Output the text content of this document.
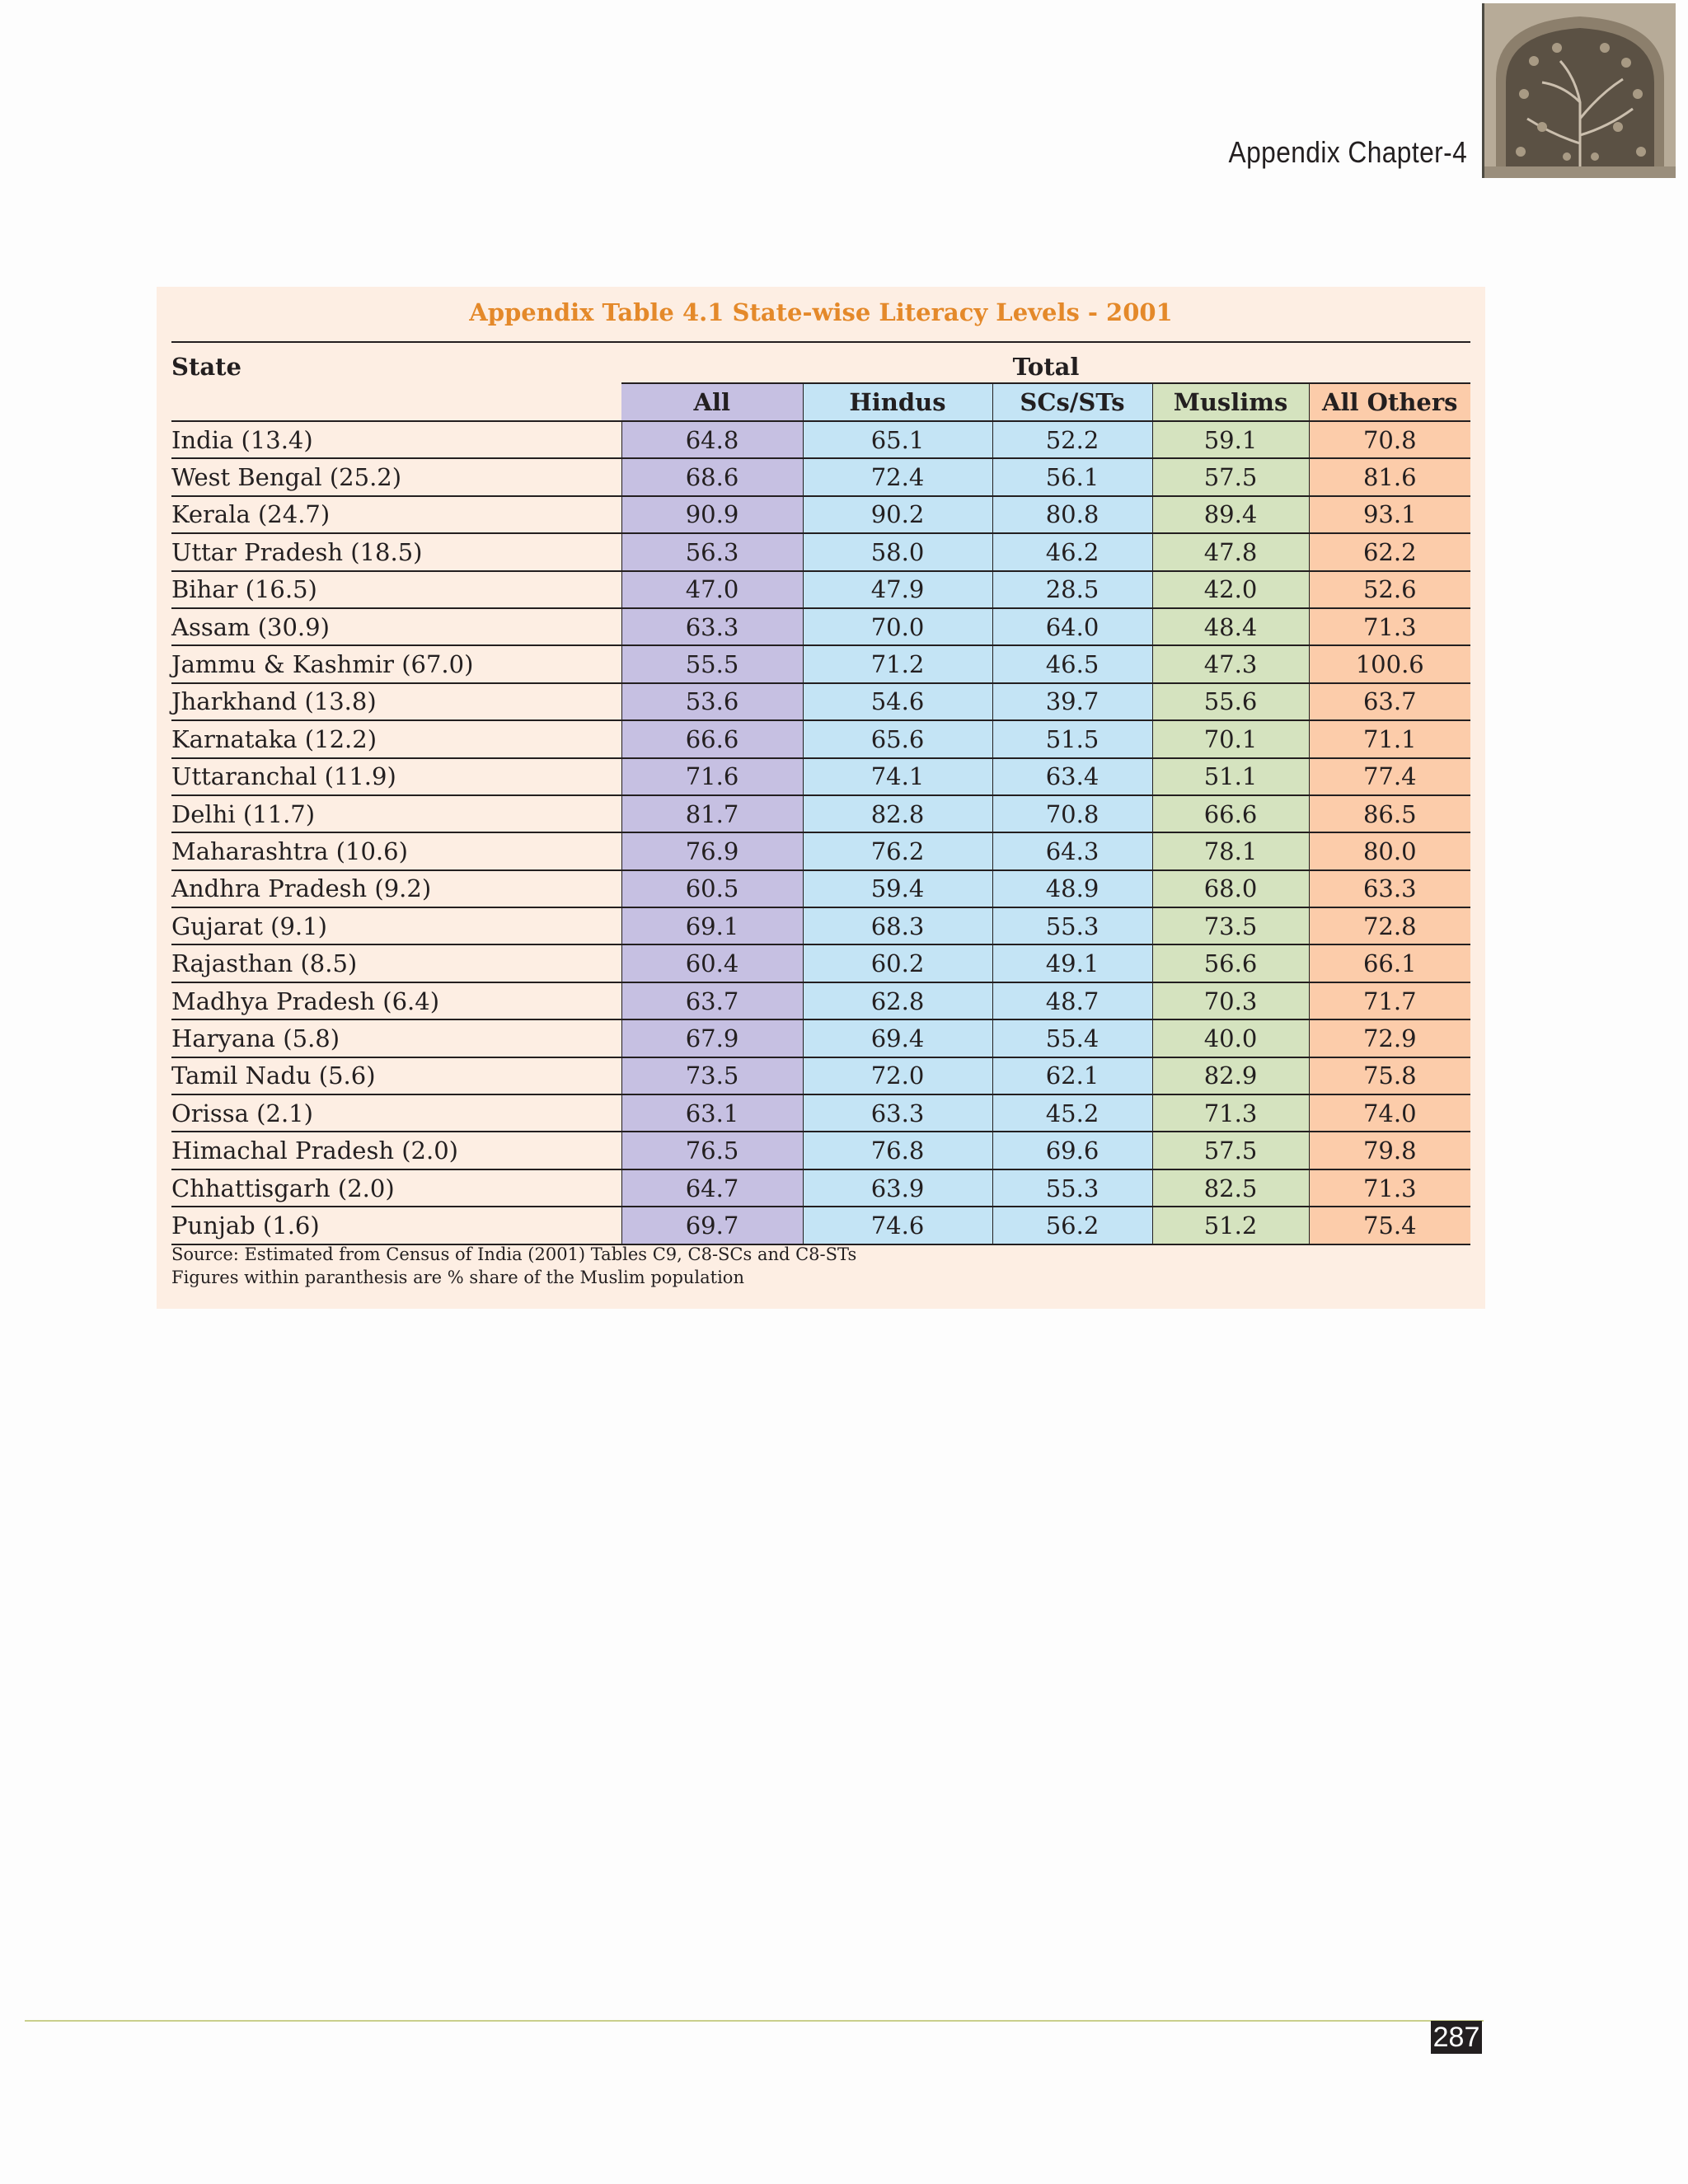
Appendix Chapter-4
Appendix Table 4.1 State-wise Literacy Levels - 2001
State	Total				
	All	Hindus	SCs/STs	Muslims	All Others
India (13.4)	64.8	65.1	52.2	59.1	70.8
West Bengal (25.2)	68.6	72.4	56.1	57.5	81.6
Kerala (24.7)	90.9	90.2	80.8	89.4	93.1
Uttar Pradesh (18.5)	56.3	58.0	46.2	47.8	62.2
Bihar (16.5)	47.0	47.9	28.5	42.0	52.6
Assam (30.9)	63.3	70.0	64.0	48.4	71.3
Jammu & Kashmir (67.0)	55.5	71.2	46.5	47.3	100.6
Jharkhand (13.8)	53.6	54.6	39.7	55.6	63.7
Karnataka (12.2)	66.6	65.6	51.5	70.1	71.1
Uttaranchal (11.9)	71.6	74.1	63.4	51.1	77.4
Delhi (11.7)	81.7	82.8	70.8	66.6	86.5
Maharashtra (10.6)	76.9	76.2	64.3	78.1	80.0
Andhra Pradesh (9.2)	60.5	59.4	48.9	68.0	63.3
Gujarat (9.1)	69.1	68.3	55.3	73.5	72.8
Rajasthan (8.5)	60.4	60.2	49.1	56.6	66.1
Madhya Pradesh (6.4)	63.7	62.8	48.7	70.3	71.7
Haryana (5.8)	67.9	69.4	55.4	40.0	72.9
Tamil Nadu (5.6)	73.5	72.0	62.1	82.9	75.8
Orissa (2.1)	63.1	63.3	45.2	71.3	74.0
Himachal Pradesh (2.0)	76.5	76.8	69.6	57.5	79.8
Chhattisgarh (2.0)	64.7	63.9	55.3	82.5	71.3
Punjab (1.6)	69.7	74.6	56.2	51.2	75.4
Source: Estimated from Census of India (2001) Tables C9, C8-SCs and C8-STs
Figures within paranthesis are % share of the Muslim population
287
